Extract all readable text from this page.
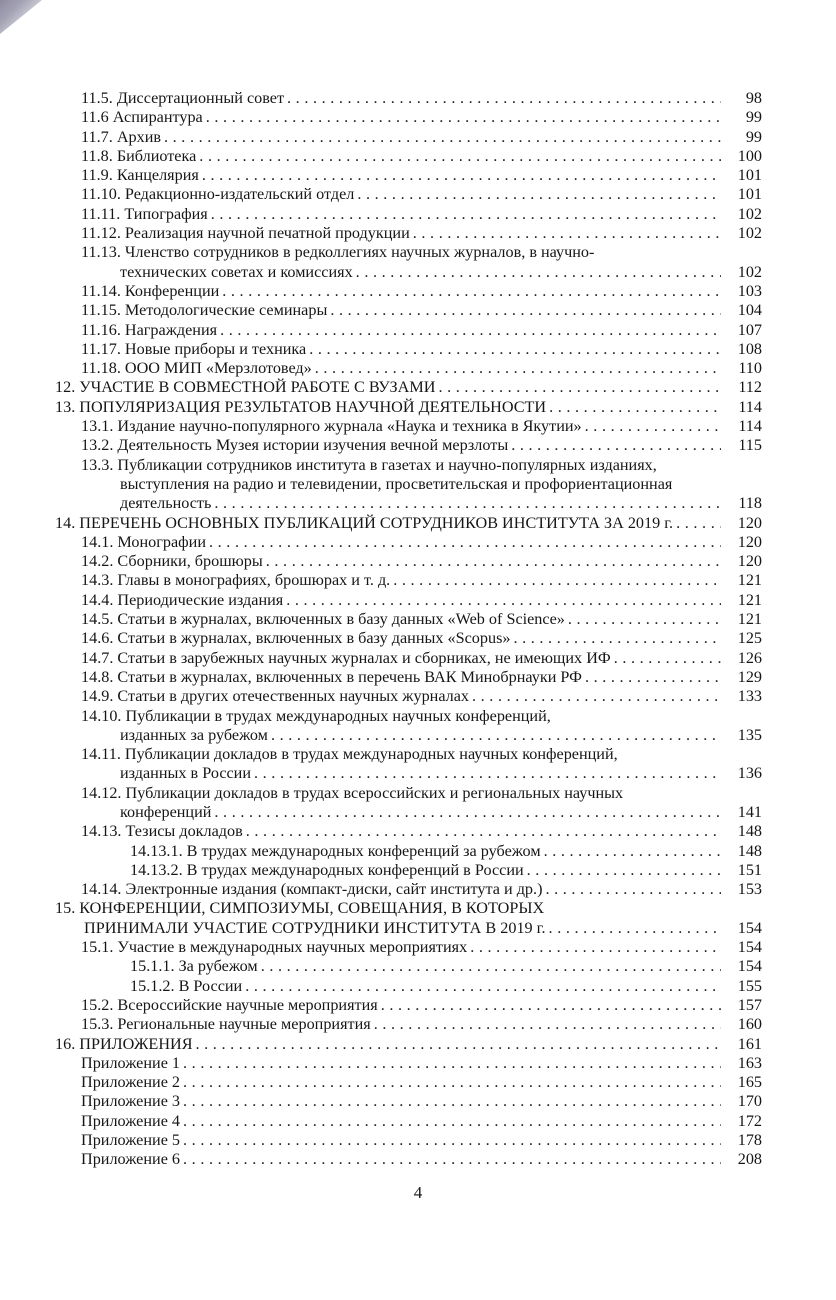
11.5. Диссертационный совет .....	98
11.6 Аспирантура .....	99
11.7. Архив .....	99
11.8. Библиотека .....	100
11.9. Канцелярия .....	101
11.10. Редакционно-издательский отдел .....	101
11.11. Типография .....	102
11.12. Реализация научной печатной продукции .....	102
11.13. Членство сотрудников в редколлегиях научных журналов, в научно-
технических советах и комиссиях .....	102
11.14. Конференции .....	103
11.15. Методологические семинары .....	104
11.16. Награждения .....	107
11.17. Новые приборы и техника .....	108
11.18. ООО МИП «Мерзлотовед» .....	110
12. УЧАСТИЕ В СОВМЕСТНОЙ РАБОТЕ С ВУЗАМИ .....	112
13. ПОПУЛЯРИЗАЦИЯ РЕЗУЛЬТАТОВ НАУЧНОЙ ДЕЯТЕЛЬНОСТИ .....	114
13.1. Издание научно-популярного журнала «Наука и техника в Якутии» .....	114
13.2. Деятельность Музея истории изучения вечной мерзлоты .....	115
13.3. Публикации сотрудников института в газетах и научно-популярных изданиях,
выступления на радио и телевидении, просветительская и профориентационная
деятельность .....	118
14. ПЕРЕЧЕНЬ ОСНОВНЫХ ПУБЛИКАЦИЙ СОТРУДНИКОВ ИНСТИТУТА ЗА 2019 г. .....	120
14.1. Монографии .....	120
14.2. Сборники, брошюры .....	120
14.3. Главы в монографиях, брошюрах и т. д. .....	121
14.4. Периодические издания .....	121
14.5. Статьи в журналах, включенных в базу данных «Web of Science» .....	121
14.6. Статьи в журналах, включенных в базу данных «Scopus» .....	125
14.7. Статьи в зарубежных научных журналах и сборниках, не имеющих ИФ .....	126
14.8. Статьи в журналах, включенных в перечень ВАК Минобрнауки РФ .....	129
14.9. Статьи в других отечественных научных журналах .....	133
14.10. Публикации в трудах международных научных конференций,
изданных за рубежом .....	135
14.11. Публикации докладов в трудах международных научных конференций,
изданных в России .....	136
14.12. Публикации докладов в трудах всероссийских и региональных научных
конференций .....	141
14.13. Тезисы докладов .....	148
14.13.1. В трудах международных конференций за рубежом .....	148
14.13.2. В трудах международных конференций в России .....	151
14.14. Электронные издания (компакт-диски, сайт института и др.) .....	153
15. КОНФЕРЕНЦИИ, СИМПОЗИУМЫ, СОВЕЩАНИЯ, В КОТОРЫХ
ПРИНИМАЛИ УЧАСТИЕ СОТРУДНИКИ ИНСТИТУТА В 2019 г. .....	154
15.1. Участие в международных научных мероприятиях .....	154
15.1.1. За рубежом .....	154
15.1.2. В России .....	155
15.2. Всероссийские научные мероприятия .....	157
15.3. Региональные научные мероприятия .....	160
16. ПРИЛОЖЕНИЯ .....	161
Приложение 1 .....	163
Приложение 2 .....	165
Приложение 3 .....	170
Приложение 4 .....	172
Приложение 5 .....	178
Приложение 6 .....	208
4
